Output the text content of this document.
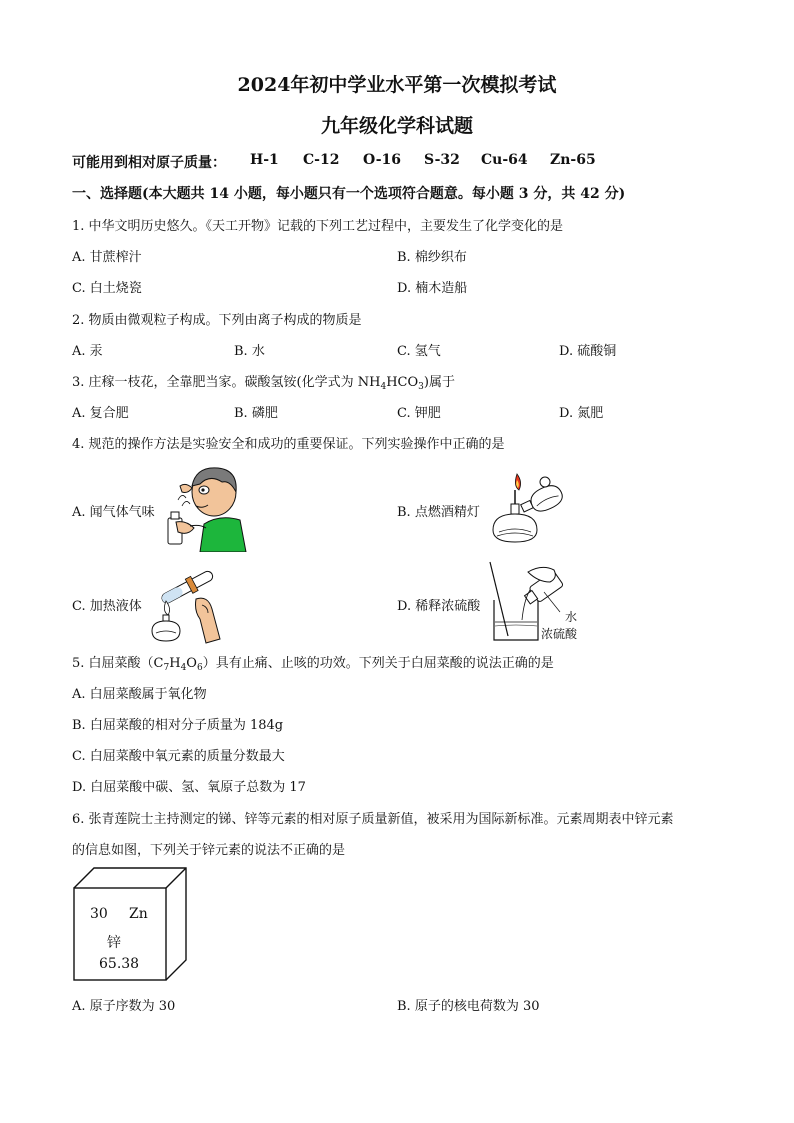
2024年初中学业水平第一次模拟考试
九年级化学科试题
可能用到相对原子质量： H-1 C-12 O-16 S-32 Cu-64 Zn-65
一、选择题(本大题共 14 小题，每小题只有一个选项符合题意。每小题 3 分，共 42 分)
1. 中华文明历史悠久。《天工开物》记载的下列工艺过程中，主要发生了化学变化的是
A. 甘蔗榨汁	B. 棉纱织布
C. 白土烧瓷	D. 楠木造船
2. 物质由微观粒子构成。下列由离子构成的物质是
A. 汞	B. 水	C. 氢气	D. 硫酸铜
3. 庄稼一枝花，全靠肥当家。碳酸氢铵(化学式为 $NH_4HCO_3$)属于
A. 复合肥	B. 磷肥	C. 钾肥	D. 氮肥
4. 规范的操作方法是实验安全和成功的重要保证。下列实验操作中正确的是
A. 闻气体气味	B. 点燃酒精灯
C. 加热液体	D. 稀释浓硫酸
水
浓硫酸
5. 白屈菜酸$(C_7H_4O_6)$具有止痛、止咳的功效。下列关于白屈菜酸的说法正确的是
A. 白屈菜酸属于氧化物
B. 白屈菜酸的相对分子质量为 184g
C. 白屈菜酸中氧元素的质量分数最大
D. 白屈菜酸中碳、氢、氧原子总数为 17
6. 张青莲院士主持测定的锑、锌等元素的相对原子质量新值，被采用为国际新标准。元素周期表中锌元素
的信息如图，下列关于锌元素的说法不正确的是
30 Zn
锌
65.38
A. 原子序数为 30	B. 原子的核电荷数为 30
